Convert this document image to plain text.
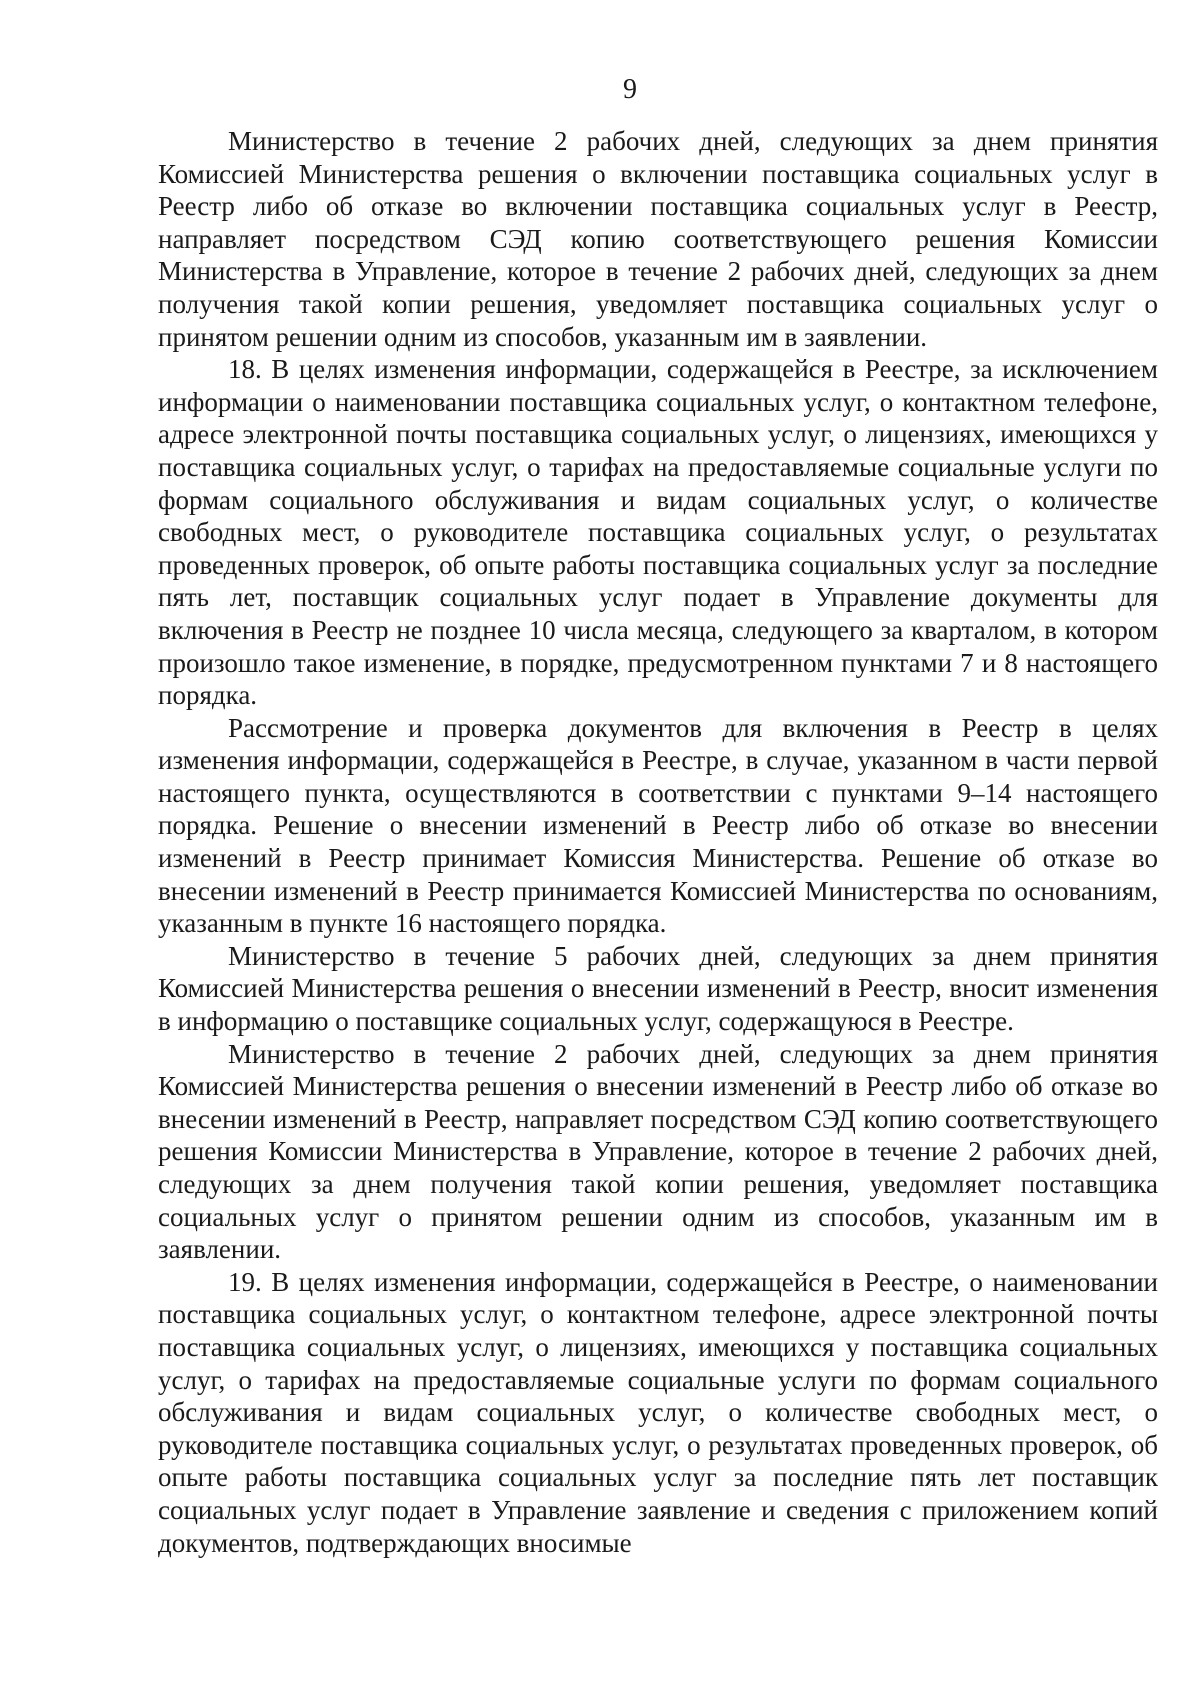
9

Министерство в течение 2 рабочих дней, следующих за днем принятия Комиссией Министерства решения о включении поставщика социальных услуг в Реестр либо об отказе во включении поставщика социальных услуг в Реестр, направляет посредством СЭД копию соответствующего решения Комиссии Министерства в Управление, которое в течение 2 рабочих дней, следующих за днем получения такой копии решения, уведомляет поставщика социальных услуг о принятом решении одним из способов, указанным им в заявлении.

18. В целях изменения информации, содержащейся в Реестре, за исключением информации о наименовании поставщика социальных услуг, о контактном телефоне, адресе электронной почты поставщика социальных услуг, о лицензиях, имеющихся у поставщика социальных услуг, о тарифах на предоставляемые социальные услуги по формам социального обслуживания и видам социальных услуг, о количестве свободных мест, о руководителе поставщика социальных услуг, о результатах проведенных проверок, об опыте работы поставщика социальных услуг за последние пять лет, поставщик социальных услуг подает в Управление документы для включения в Реестр не позднее 10 числа месяца, следующего за кварталом, в котором произошло такое изменение, в порядке, предусмотренном пунктами 7 и 8 настоящего порядка.

Рассмотрение и проверка документов для включения в Реестр в целях изменения информации, содержащейся в Реестре, в случае, указанном в части первой настоящего пункта, осуществляются в соответствии с пунктами 9–14 настоящего порядка. Решение о внесении изменений в Реестр либо об отказе во внесении изменений в Реестр принимает Комиссия Министерства. Решение об отказе во внесении изменений в Реестр принимается Комиссией Министерства по основаниям, указанным в пункте 16 настоящего порядка.

Министерство в течение 5 рабочих дней, следующих за днем принятия Комиссией Министерства решения о внесении изменений в Реестр, вносит изменения в информацию о поставщике социальных услуг, содержащуюся в Реестре.

Министерство в течение 2 рабочих дней, следующих за днем принятия Комиссией Министерства решения о внесении изменений в Реестр либо об отказе во внесении изменений в Реестр, направляет посредством СЭД копию соответствующего решения Комиссии Министерства в Управление, которое в течение 2 рабочих дней, следующих за днем получения такой копии решения, уведомляет поставщика социальных услуг о принятом решении одним из способов, указанным им в заявлении.

19. В целях изменения информации, содержащейся в Реестре, о наименовании поставщика социальных услуг, о контактном телефоне, адресе электронной почты поставщика социальных услуг, о лицензиях, имеющихся у поставщика социальных услуг, о тарифах на предоставляемые социальные услуги по формам социального обслуживания и видам социальных услуг, о количестве свободных мест, о руководителе поставщика социальных услуг, о результатах проведенных проверок, об опыте работы поставщика социальных услуг за последние пять лет поставщик социальных услуг подает в Управление заявление и сведения с приложением копий документов, подтверждающих вносимые
